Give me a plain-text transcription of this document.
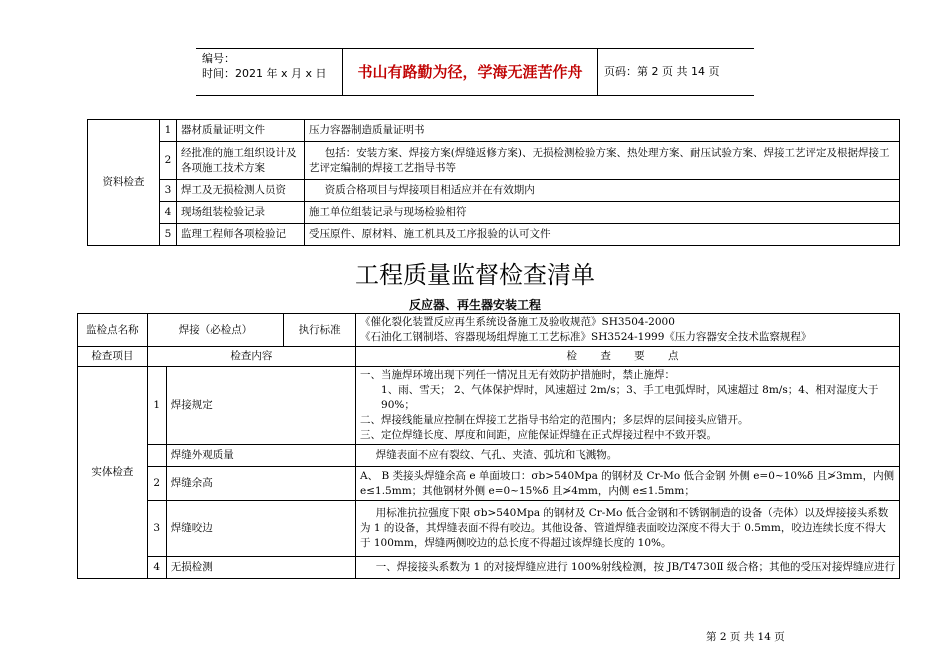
编号：
时间：2021 年 x 月 x 日	书山有路勤为径，学海无涯苦作舟	页码：第 2 页 共 14 页
资料检查	1	器材质量证明文件	压力容器制造质量证明书
	2	经批准的施工组织设计及各项施工技术方案	包括：安装方案、焊接方案(焊缝返修方案)、无损检测检验方案、热处理方案、耐压试验方案、焊接工艺评定及根据焊接工艺评定编制的焊接工艺指导书等
	3	焊工及无损检测人员资	资质合格项目与焊接项目相适应并在有效期内
	4	现场组装检验记录	施工单位组装记录与现场检验相符
	5	监理工程师各项检验记	受压原件、原材料、施工机具及工序报验的认可文件
工程质量监督检查清单
反应器、再生器安装工程
监检点名称	焊接（必检点）		执行标准	《催化裂化装置反应再生系统设备施工及验收规范》SH3504-2000
《石油化工钢制塔、容器现场组焊施工工艺标准》SH3524-1999《压力容器安全技术监察规程》

检查项目	检查内容			检 查 要 点
实体检查	1	焊接规定		一、当施焊环境出现下列任一情况且无有效防护措施时，禁止施焊：
1、雨、雪天； 2、气体保护焊时，风速超过 2m/s；3、手工电弧焊时，风速超过 8m/s；4、相对湿度大于 90%；
二、焊接线能量应控制在焊接工艺指导书给定的范围内；多层焊的层间接头应错开。
三、定位焊缝长度、厚度和间距，应能保证焊缝在正式焊接过程中不致开裂。

		焊缝外观质量		焊缝表面不应有裂纹、气孔、夹渣、弧坑和飞溅物。
	2	焊缝余高		A、 B 类接头焊缝余高 e 单面坡口：σb>540Mpa 的钢材及 Cr-Mo 低合金钢 外侧 e=0~10%δ 且≯3mm，内侧 e≤1.5mm；其他钢材外侧 e=0~15%δ 且≯4mm，内侧 e≤1.5mm；
	3	焊缝咬边		用标准抗拉强度下限 σb>540Mpa 的钢材及 Cr-Mo 低合金钢和不锈钢制造的设备（壳体）以及焊接接头系数为 1 的设备，其焊缝表面不得有咬边。其他设备、管道焊缝表面咬边深度不得大于 0.5mm，咬边连续长度不得大于 100mm，焊缝两侧咬边的总长度不得超过该焊缝长度的 10%。
	4	无损检测		一、焊接接头系数为 1 的对接焊缝应进行 100%射线检测，按 JB/T4730Ⅱ 级合格；其他的受压对接焊缝应进行
第 2 页 共 14 页
